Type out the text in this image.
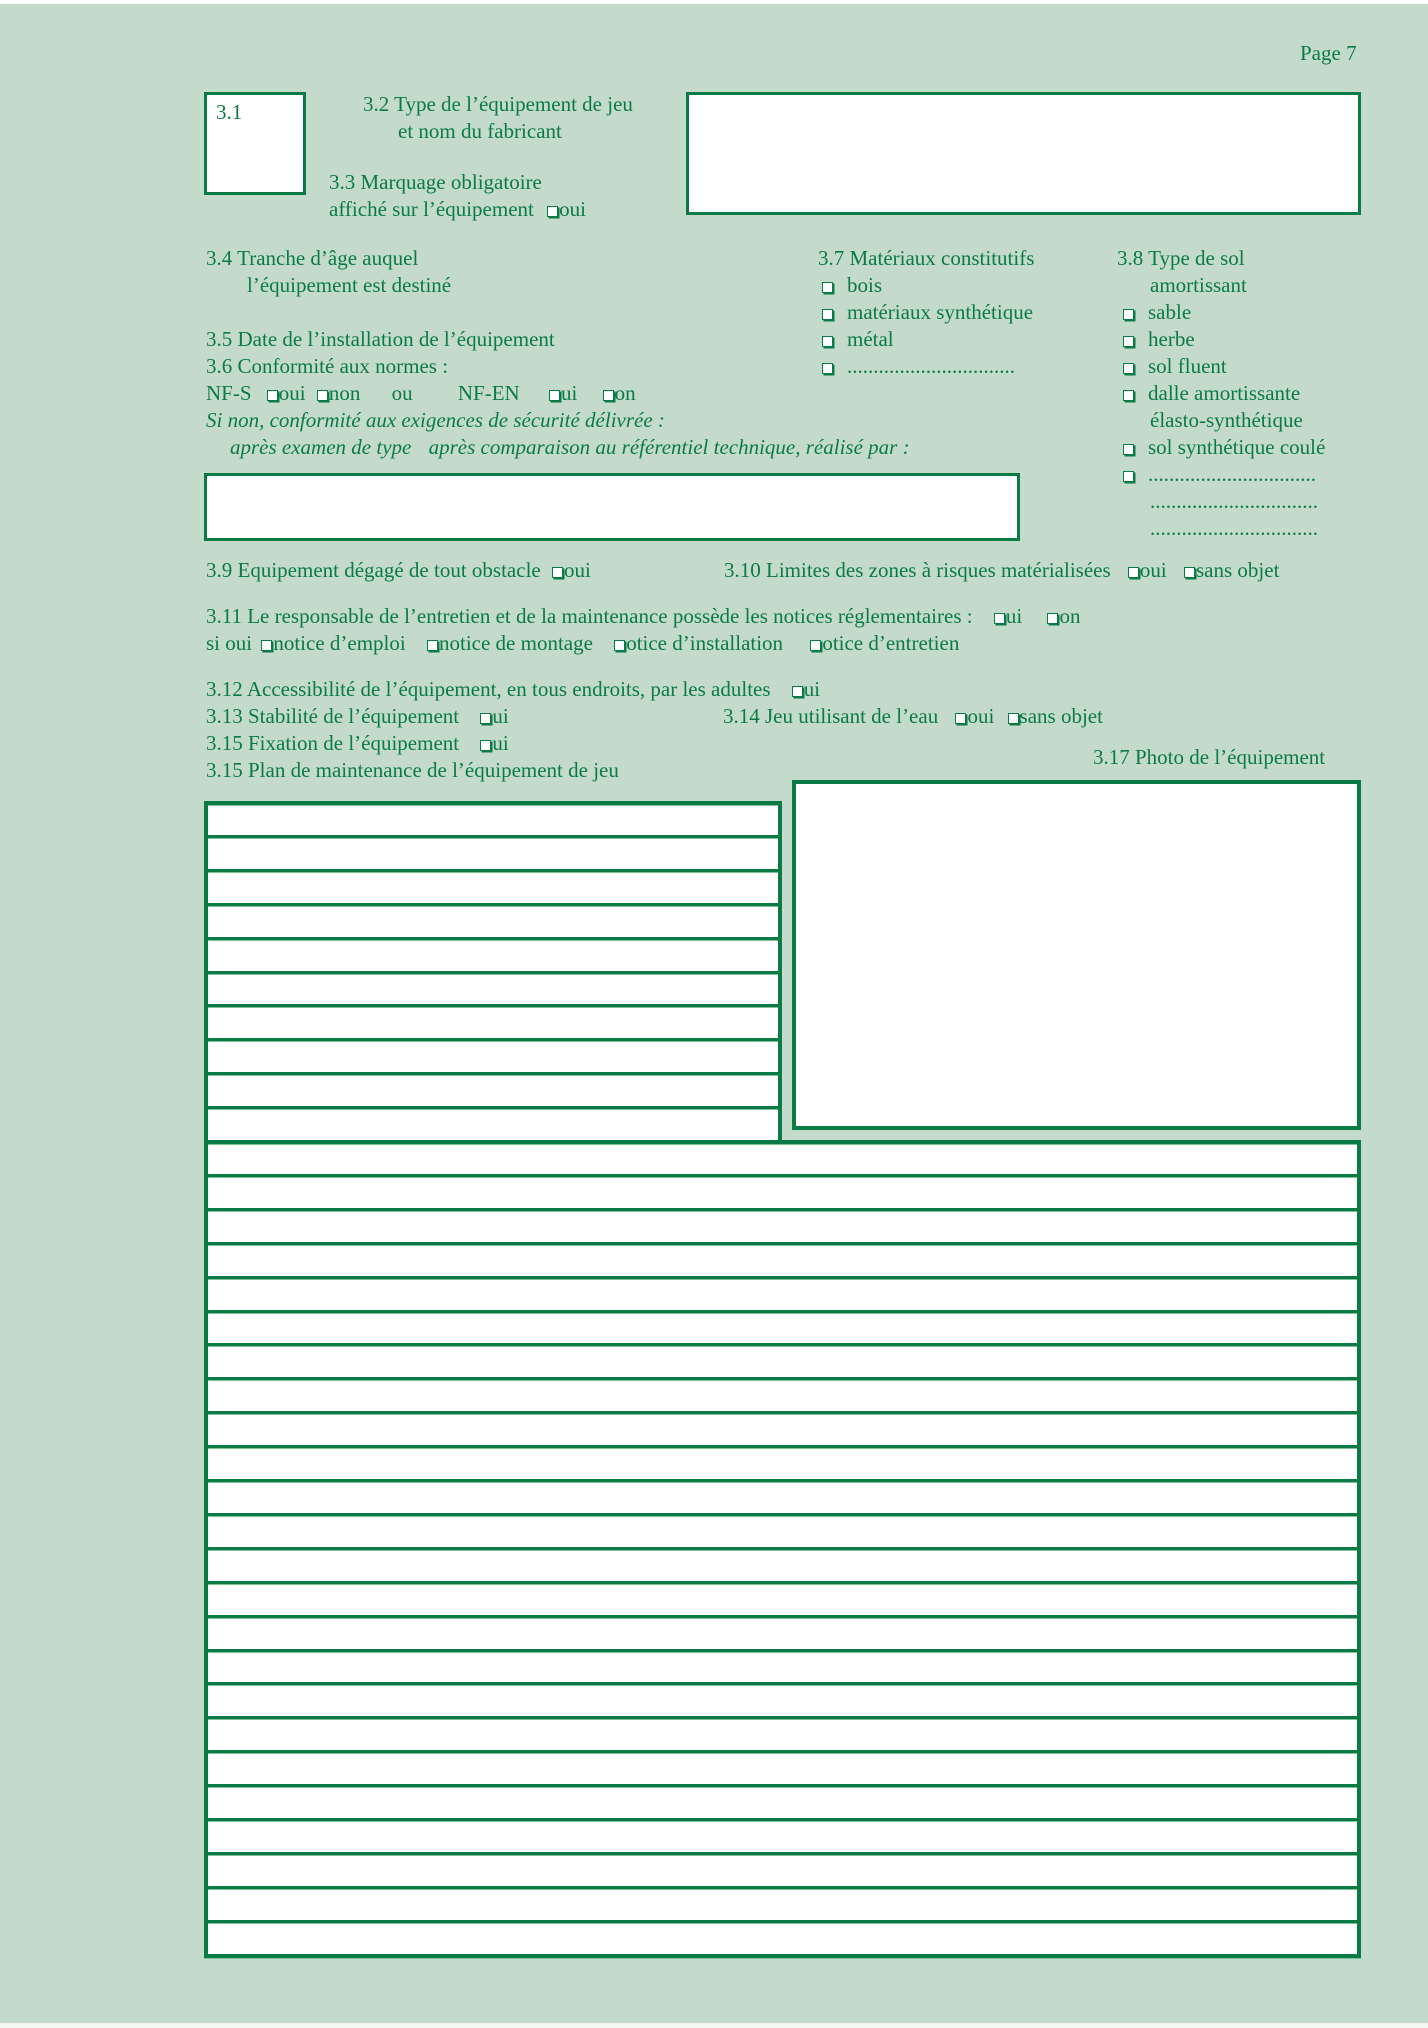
Page 7
3.1	3.2 Type de l’équipement de jeu
et nom du fabricant
3.3 Marquage obligatoire
affiché sur l’équipement oui
3.4 Tranche d’âge auquel
l’équipement est destiné
3.5 Date de l’installation de l’équipement
3.6 Conformité aux normes :
NF-S oui non ou NF-EN ui on
Si non, conformité aux exigences de sécurité délivrée :
après examen de type après comparaison au référentiel technique, réalisé par :
3.7 Matériaux constitutifs
bois
matériaux synthétique
métal
................................
3.8 Type de sol
amortissant
sable
herbe
sol fluent
dalle amortissante
élasto-synthétique
sol synthétique coulé
................................
................................
................................
3.9 Equipement dégagé de tout obstacle oui	3.10 Limites des zones à risques matérialisées oui sans objet
3.11 Le responsable de l’entretien et de la maintenance possède les notices réglementaires : ui on
si oui notice d’emploi notice de montage otice d’installation otice d’entretien
3.12 Accessibilité de l’équipement, en tous endroits, par les adultes ui
3.13 Stabilité de l’équipement ui	3.14 Jeu utilisant de l’eau oui sans objet
3.15 Fixation de l’équipement ui
3.15 Plan de maintenance de l’équipement de jeu
3.17 Photo de l’équipement
